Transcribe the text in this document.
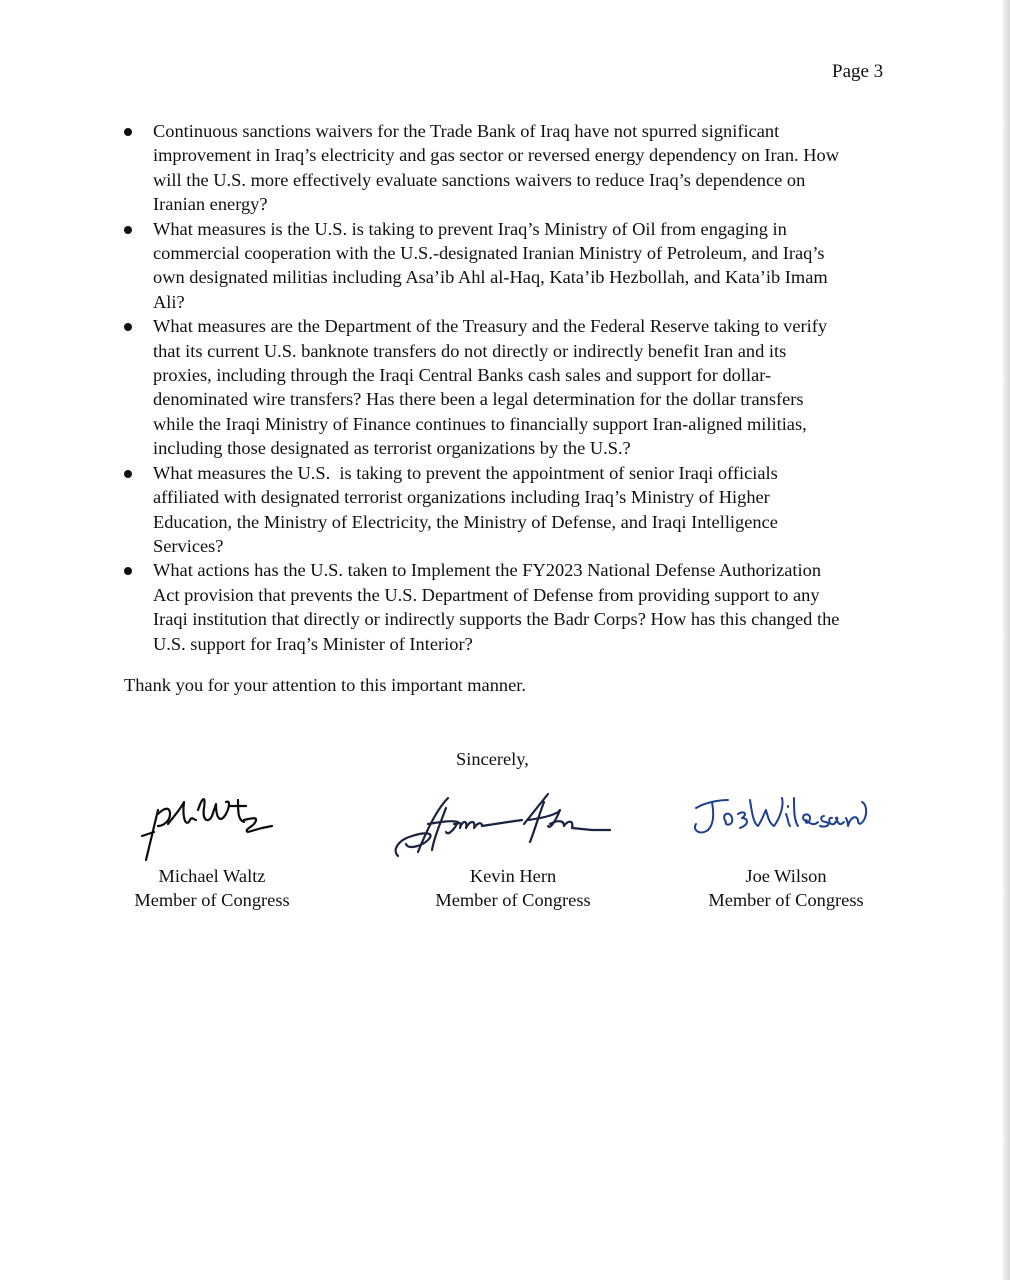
Page 3
Continuous sanctions waivers for the Trade Bank of Iraq have not spurred significant
improvement in Iraq’s electricity and gas sector or reversed energy dependency on Iran. How
will the U.S. more effectively evaluate sanctions waivers to reduce Iraq’s dependence on
Iranian energy?
What measures is the U.S. is taking to prevent Iraq’s Ministry of Oil from engaging in
commercial cooperation with the U.S.-designated Iranian Ministry of Petroleum, and Iraq’s
own designated militias including Asa’ib Ahl al-Haq, Kata’ib Hezbollah, and Kata’ib Imam
Ali?
What measures are the Department of the Treasury and the Federal Reserve taking to verify
that its current U.S. banknote transfers do not directly or indirectly benefit Iran and its
proxies, including through the Iraqi Central Banks cash sales and support for dollar-
denominated wire transfers? Has there been a legal determination for the dollar transfers
while the Iraqi Ministry of Finance continues to financially support Iran-aligned militias,
including those designated as terrorist organizations by the U.S.?
What measures the U.S.  is taking to prevent the appointment of senior Iraqi officials
affiliated with designated terrorist organizations including Iraq’s Ministry of Higher
Education, the Ministry of Electricity, the Ministry of Defense, and Iraqi Intelligence
Services?
What actions has the U.S. taken to Implement the FY2023 National Defense Authorization
Act provision that prevents the U.S. Department of Defense from providing support to any
Iraqi institution that directly or indirectly supports the Badr Corps? How has this changed the
U.S. support for Iraq’s Minister of Interior?
Thank you for your attention to this important manner.
Sincerely,
Michael Waltz
Member of Congress
Kevin Hern
Member of Congress
Joe Wilson
Member of Congress
